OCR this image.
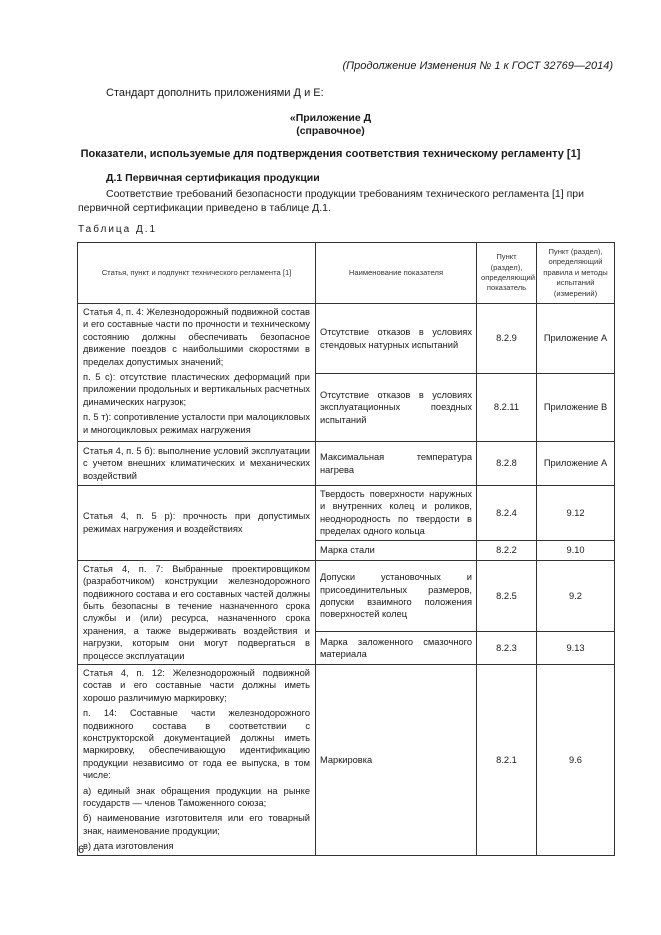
(Продолжение Изменения № 1 к ГОСТ 32769—2014)
Стандарт дополнить приложениями Д и Е:
«Приложение Д
(справочное)
Показатели, используемые для подтверждения соответствия техническому регламенту [1]
Д.1 Первичная сертификация продукции
Соответствие требований безопасности продукции требованиям технического регламента [1] при первичной сертификации приведено в таблице Д.1.
Таблица Д.1
Статья, пункт и подпункт технического регламента [1]	Наименование показателя	Пункт (раздел), определяющий показатель	Пункт (раздел), определяющий правила и методы испытаний (измерений)

Статья 4, п. 4: Железнодорожный подвижной состав и его составные части по прочности и техническому состоянию должны обеспечивать безопасное движение поездов с наибольшими скоростями в пределах допустимых значений;

п. 5 с): отсутствие пластических деформаций при приложении продольных и вертикальных расчетных динамических нагрузок;

п. 5 т): сопротивление усталости при малоцикловых и многоцикловых режимах нагружения	Отсутствие отказов в условиях стендовых натурных испытаний	8.2.9	Приложение А
	Отсутствие отказов в условиях эксплуатационных поездных испытаний	8.2.11	Приложение В
Статья 4, п. 5 б): выполнение условий эксплуатации с учетом внешних климатических и механических воздействий	Максимальная температура нагрева	8.2.8	Приложение А
Статья 4, п. 5 р): прочность при допустимых режимах нагружения и воздействиях	Твердость поверхности наружных и внутренних колец и роликов, неоднородность по твердости в пределах одного кольца	8.2.4	9.12
	Марка стали	8.2.2	9.10
Статья 4, п. 7: Выбранные проектировщиком (разработчиком) конструкции железнодорожного подвижного состава и его составных частей должны быть безопасны в течение назначенного срока службы и (или) ресурса, назначенного срока хранения, а также выдерживать воздействия и нагрузки, которым они могут подвергаться в процессе эксплуатации	Допуски установочных и присоединительных размеров, допуски взаимного положения поверхностей колец	8.2.5	9.2
	Марка заложенного смазочного материала	8.2.3	9.13

Статья 4, п. 12: Железнодорожный подвижной состав и его составные части должны иметь хорошо различимую маркировку;

п. 14: Составные части железнодорожного подвижного состава в соответствии с конструкторской документацией должны иметь маркировку, обеспечивающую идентификацию продукции независимо от года ее выпуска, в том числе:

а) единый знак обращения продукции на рынке государств — членов Таможенного союза;

б) наименование изготовителя или его товарный знак, наименование продукции;

в) дата изготовления	Маркировка	8.2.1	9.6
6
